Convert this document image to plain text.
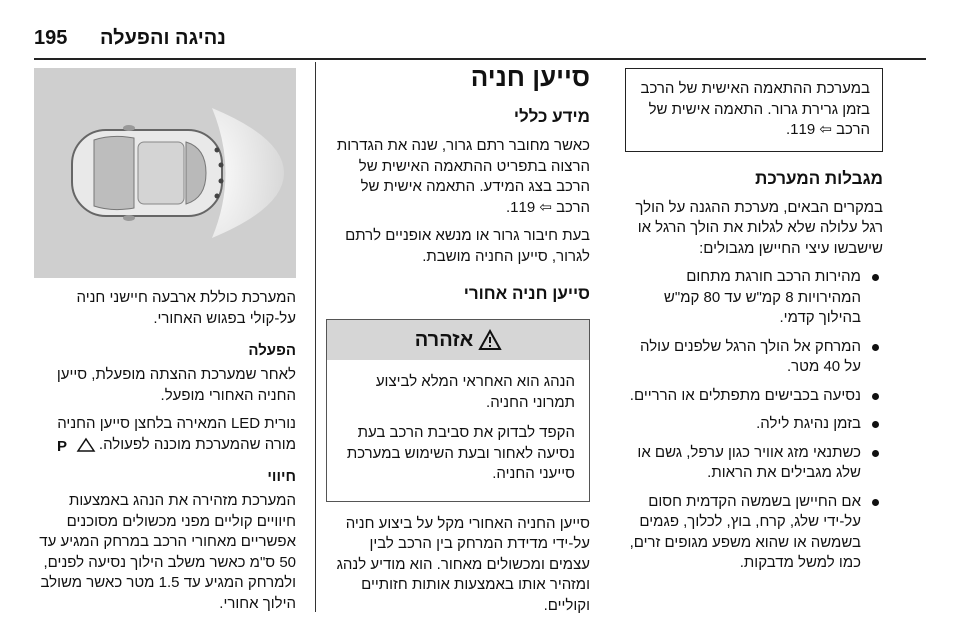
195 נהיגה והפעלה
במערכת ההתאמה האישית של הרכב בזמן גרירת גרור. התאמה אישית של הרכב ⇦ 119.
מגבלות המערכת

במקרים הבאים, מערכת ההגנה על הולך רגל עלולה שלא לגלות את הולך הרגל או שישבשו עיצי החיישן מגבולים:

מהירות הרכב חורגת מתחום המהירויות 8 קמ"ש עד 80 קמ"ש בהילוך קדמי.
המרחק אל הולך הרגל שלפנים עולה על 40 מטר.
נסיעה בכבישים מתפתלים או הרריים.
בזמן נהיגת לילה.
כשתנאי מזג אוויר כגון ערפל, גשם או שלג מגבילים את הראות.
אם החיישן בשמשה הקדמית חסום על-ידי שלג, קרח, בוץ, לכלוך, פגמים בשמשה או שהוא משפע מגופים זרים, כמו למשל מדבקות.
סייען חניה
מידע כללי

כאשר מחובר רתם גרור, שנה את הגדרות הרצוה בתפריט ההתאמה האישית של הרכב בצג המידע. התאמה אישית של הרכב ⇦ 119.

בעת חיבור גרור או מנשא אופניים לרתם לגרור, סייען החניה מושבת.

סייען חניה אחורי
אזהרה

הנהג הוא האחראי המלא לביצוע תמרוני החניה.

הקפד לבדוק את סביבת הרכב בעת נסיעה לאחור ובעת השימוש במערכת סייעני החניה.

סייען החניה האחורי מקל על ביצוע חניה על-ידי מדידת המרחק בין הרכב לבין עצמים ומכשולים מאחור. הוא מודיע לנהג ומזהיר אותו באמצעות אותות חזותיים וקוליים.

המערכת כוללת ארבעה חיישני חניה על-קולי בפגוש האחורי.

הפעלה

לאחר שמערכת ההצתה מופעלת, סייען החניה האחורי מופעל.

נורית LED המאירה בלחצן סייען החניה מורה שהמערכת מוכנה לפעולה.
P

חיווי

המערכת מזהירה את הנהג באמצעות חיוויים קוליים מפני מכשולים מסוכנים אפשריים מאחורי הרכב במרחק המגיע עד 50 ס"מ כאשר משלב הילוך נסיעה לפנים, ולמרחק המגיע עד 1.5 מטר כאשר משולב הילוך אחורי.
